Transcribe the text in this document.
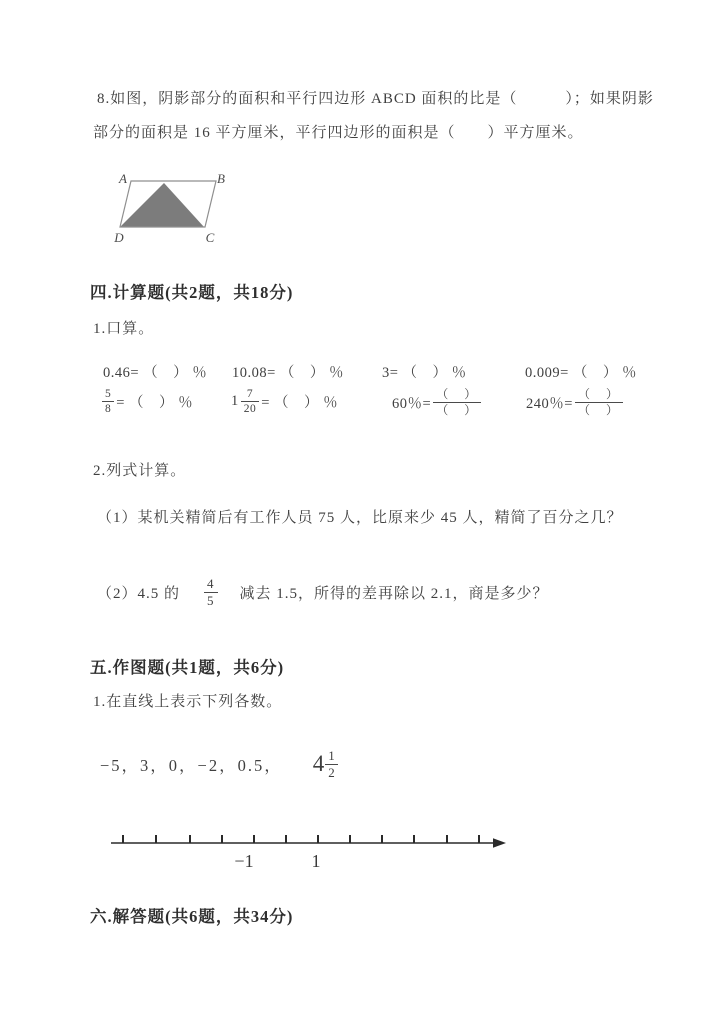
8.如图，阴影部分的面积和平行四边形 ABCD 面积的比是（　　　）；如果阴影
部分的面积是 16 平方厘米，平行四边形的面积是（　　）平方厘米。
A	B
D	C
四.计算题(共2题，共18分)
1.口算。
0.46= （　） ％ 10.08= （　） ％	3= （　） ％	0.009= （　） ％
$\frac{5}{8}$ = （　） ％	$1 \frac{7}{20}$ = （　） ％	60％= $\frac{( )}{( )}$	240％= $\frac{( )}{( )}$
2.列式计算。
（1）某机关精简后有工作人员 75 人，比原来少 45 人，精简了百分之几？
（2）4.5 的 $\frac{4}{5}$ 减去 1.5，所得的差再除以 2.1，商是多少？
五.作图题(共1题，共6分)
1.在直线上表示下列各数。
−5，3，0，−2，0.5， $4 \frac{1}{2}$
−1	1
六.解答题(共6题，共34分)
